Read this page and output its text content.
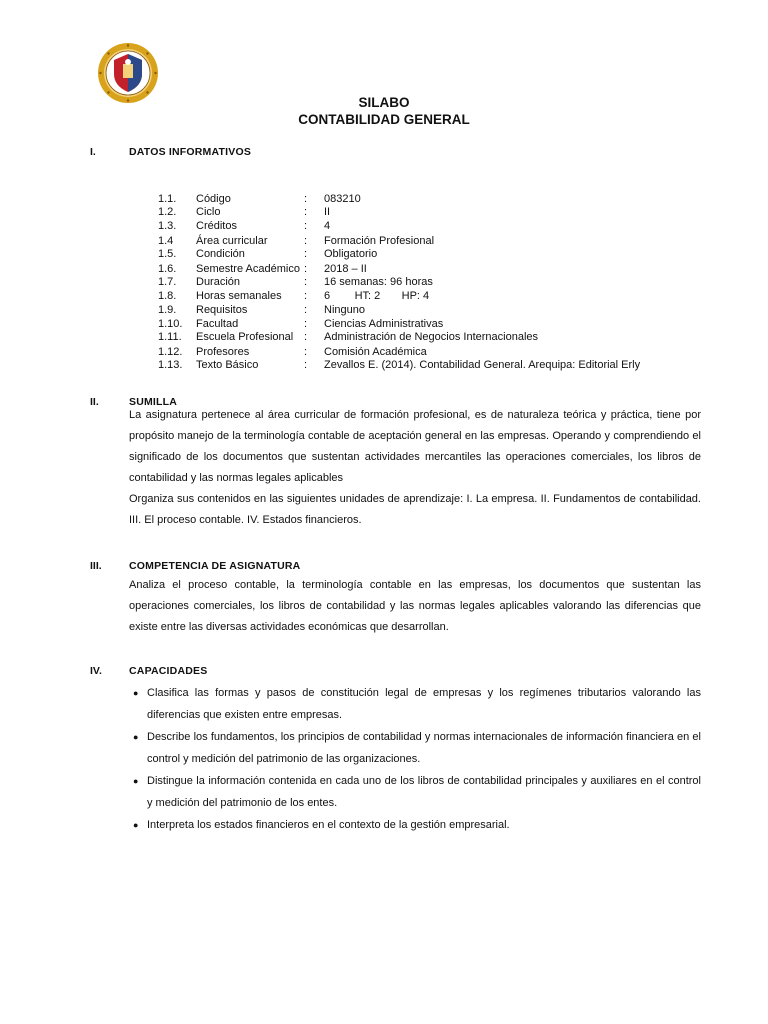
SILABO
CONTABILIDAD GENERAL
I.	DATOS INFORMATIVOS
1.1. Código	: 083210
1.2. Ciclo	: II
1.3. Créditos	: 4
1.4 Área curricular	: Formación Profesional
1.5. Condición	: Obligatorio
1.6. Semestre Académico : 2018 – II
1.7. Duración	: 16 semanas: 96 horas
1.8. Horas semanales : 6        HT: 2       HP: 4
1.9. Requisitos	: Ninguno
1.10. Facultad	: Ciencias Administrativas
1.11. Escuela Profesional : Administración de Negocios Internacionales
1.12. Profesores	: Comisión Académica
1.13. Texto Básico	: Zevallos E. (2014). Contabilidad General. Arequipa: Editorial Erly
II.	SUMILLA
La asignatura pertenece al área curricular de formación profesional, es de naturaleza teórica y práctica, tiene por propósito manejo de la terminología contable de aceptación general en las empresas. Operando y comprendiendo el significado de los documentos que sustentan actividades mercantiles las operaciones comerciales, los libros de contabilidad y las normas legales aplicables
Organiza sus contenidos en las siguientes unidades de aprendizaje: I. La empresa. II. Fundamentos de contabilidad. III. El proceso contable. IV. Estados financieros.
III.	COMPETENCIA DE ASIGNATURA
Analiza el proceso contable, la terminología contable en las empresas, los documentos que sustentan las operaciones comerciales, los libros de contabilidad y las normas legales aplicables valorando las diferencias que existe entre las diversas actividades económicas que desarrollan.
IV.	CAPACIDADES
● Clasifica las formas y pasos de constitución legal de empresas y los regímenes tributarios valorando las diferencias que existen entre empresas.
● Describe los fundamentos, los principios de contabilidad y normas internacionales de información financiera en el control y medición del patrimonio de las organizaciones.
● Distingue la información contenida en cada uno de los libros de contabilidad principales y auxiliares en el control y medición del patrimonio de los entes.
● Interpreta los estados financieros en el contexto de la gestión empresarial.
